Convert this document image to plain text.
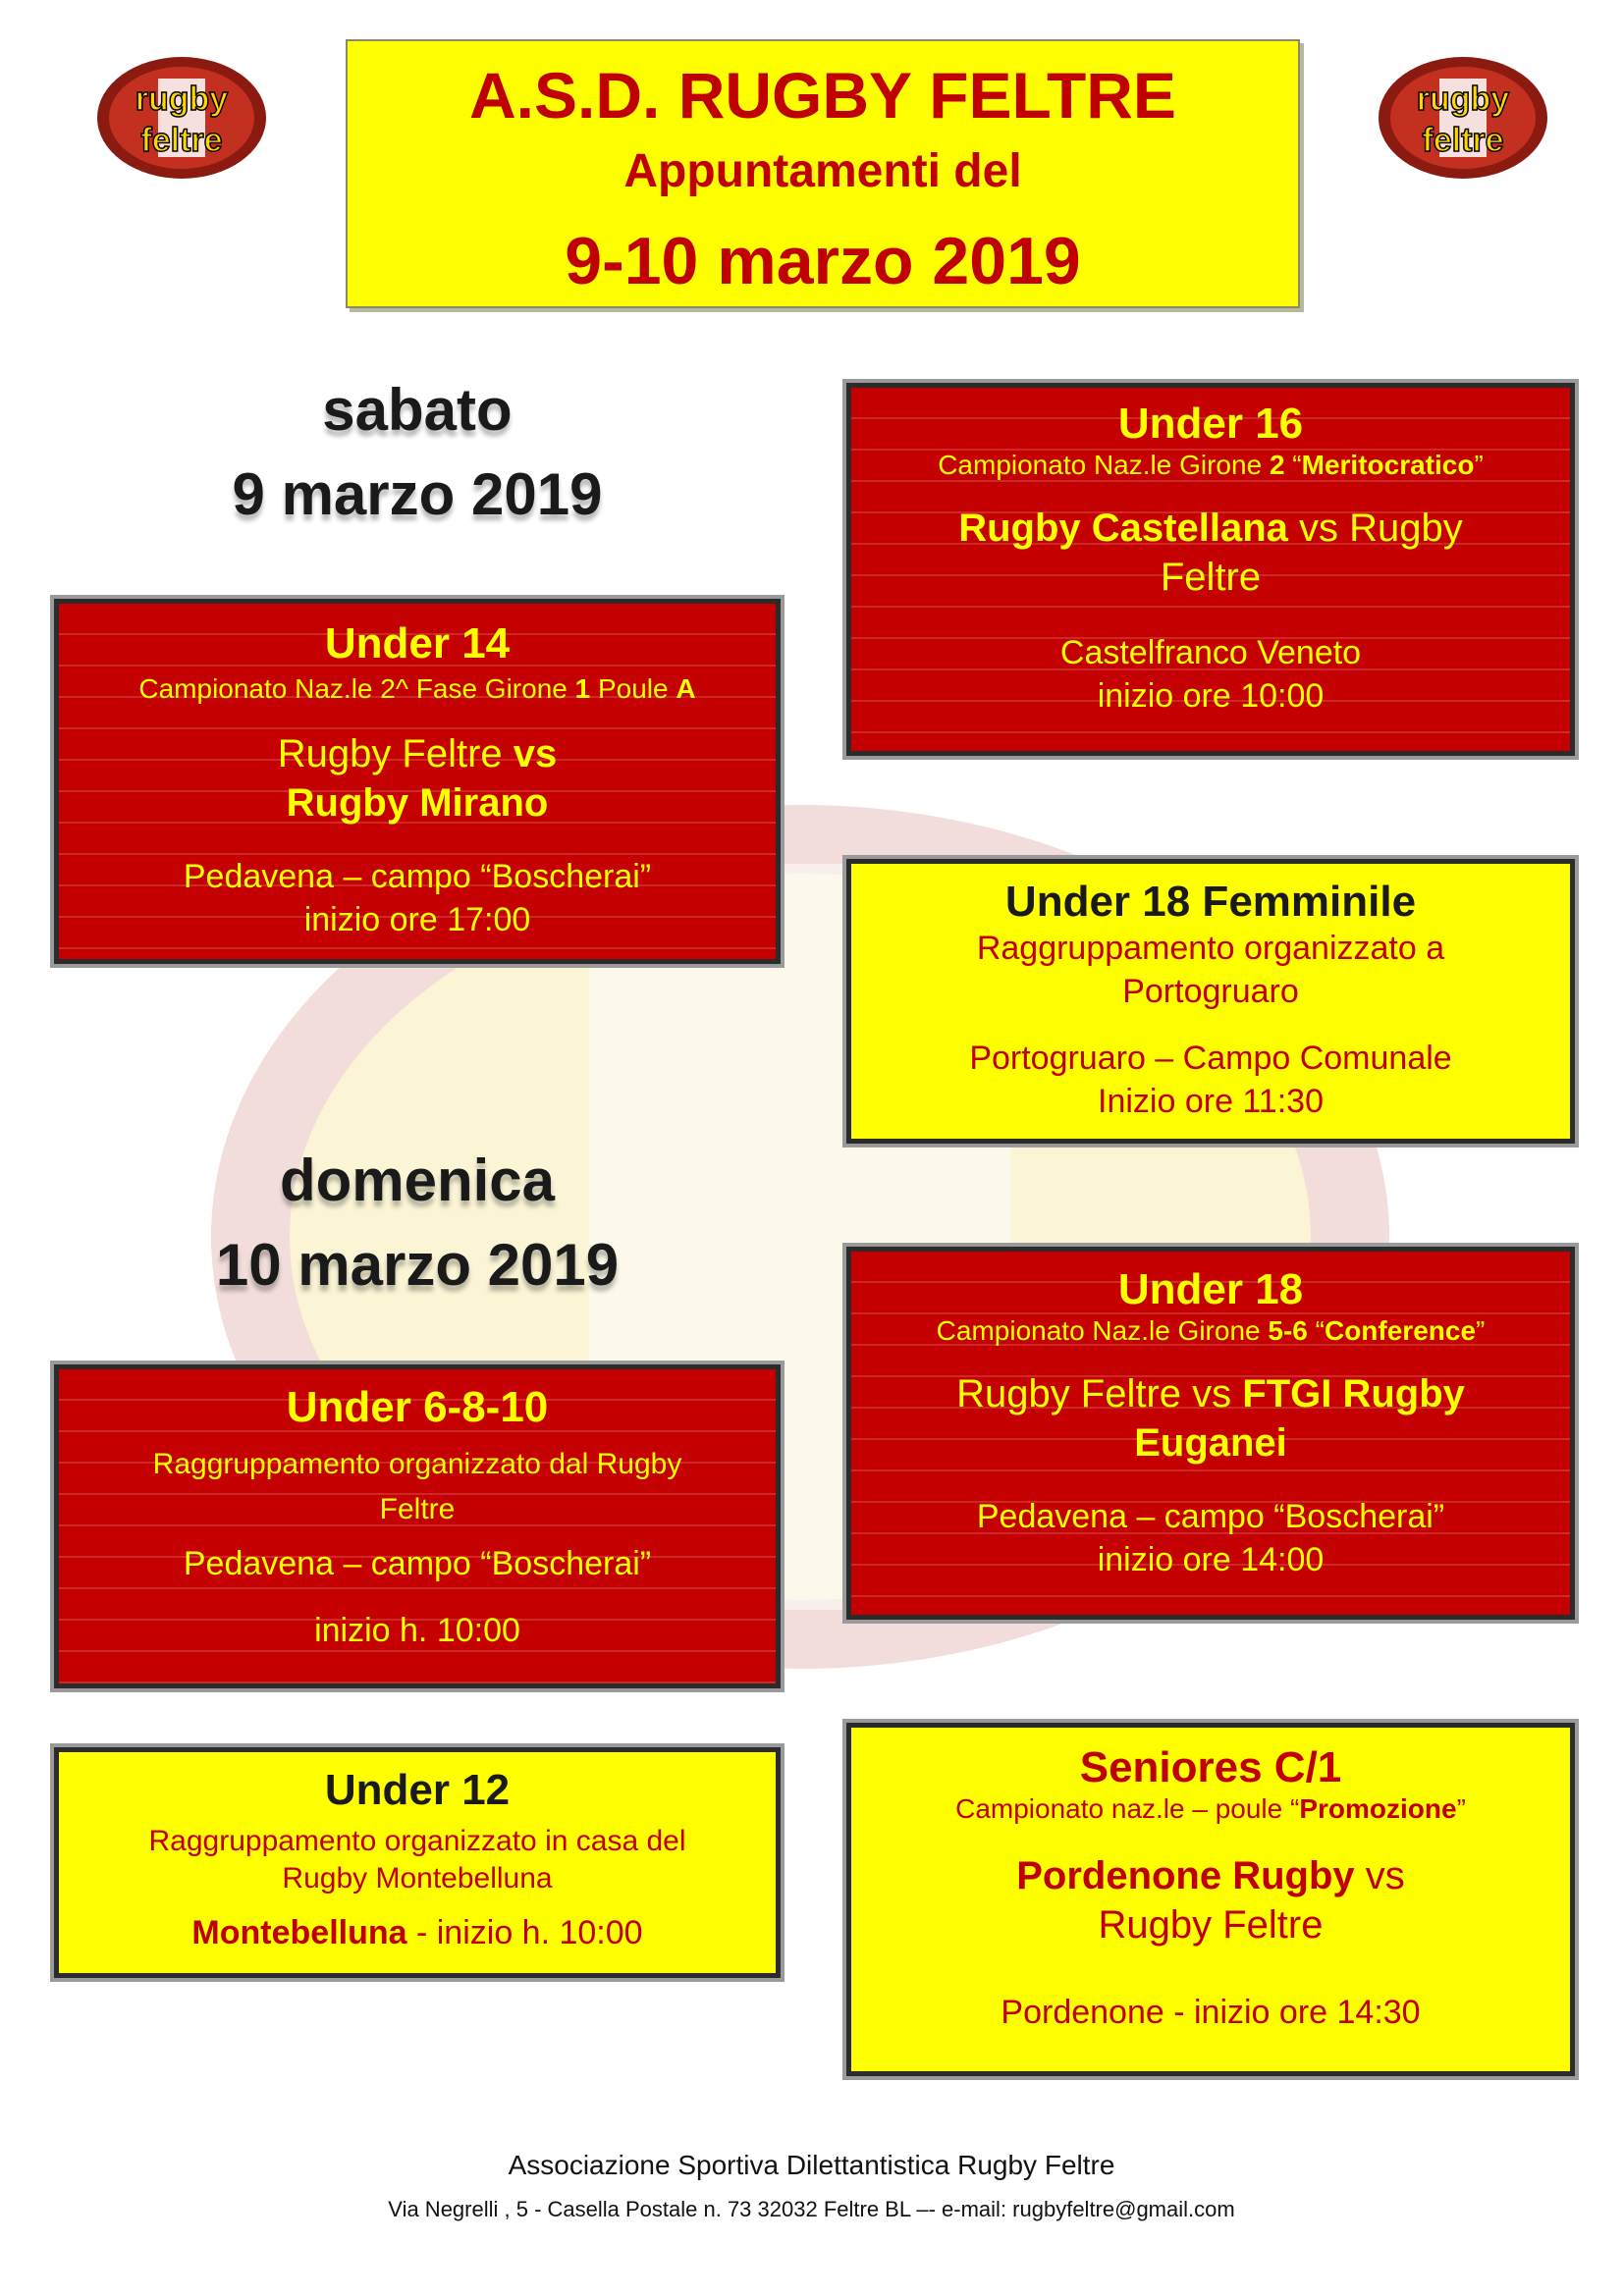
rugby
feltre
rugby
feltre
A.S.D. RUGBY FELTRE
Appuntamenti del
9-10 marzo 2019
sabato
9 marzo 2019
domenica
10 marzo 2019
Under 14
Campionato Naz.le 2^ Fase Girone 1 Poule A
Rugby Feltre vs
Rugby Mirano
Pedavena – campo “Boscherai”
inizio ore 17:00
Under 16
Campionato Naz.le Girone 2 “Meritocratico”
Rugby Castellana vs Rugby
Feltre
Castelfranco Veneto
inizio ore 10:00
Under 18 Femminile
Raggruppamento organizzato a
Portogruaro
Portogruaro – Campo Comunale
Inizio ore 11:30
Under 18
Campionato Naz.le Girone 5-6 “Conference”
Rugby Feltre vs FTGI Rugby
Euganei
Pedavena – campo “Boscherai”
inizio ore 14:00
Under 6-8-10
Raggruppamento organizzato dal Rugby
Feltre
Pedavena – campo “Boscherai”
inizio h. 10:00
Under 12
Raggruppamento organizzato in casa del
Rugby Montebelluna
Montebelluna - inizio h. 10:00
Seniores C/1
Campionato naz.le – poule “Promozione”
Pordenone Rugby vs
Rugby Feltre
Pordenone - inizio ore 14:30
Associazione Sportiva Dilettantistica Rugby Feltre
Via Negrelli , 5 - Casella Postale n. 73 32032 Feltre BL –- e-mail: rugbyfeltre@gmail.com
